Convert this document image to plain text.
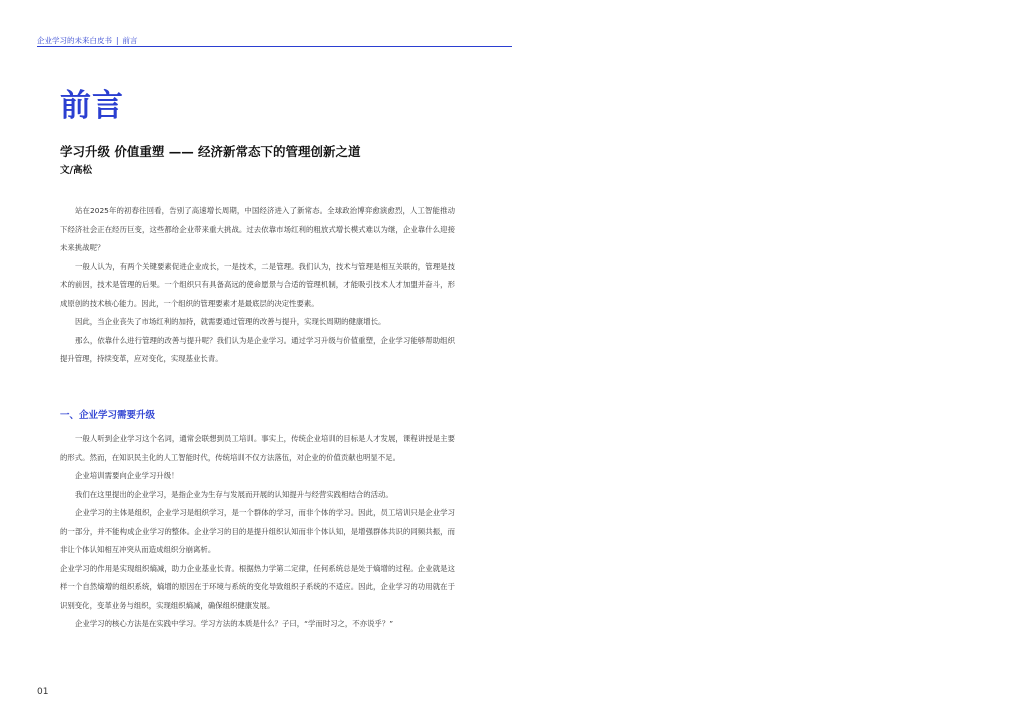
企业学习的未来白皮书 | 前言
前言
学习升级 价值重塑 —— 经济新常态下的管理创新之道
文/高松

站在2025年的初春往回看，告别了高速增长周期，中国经济进入了新常态。全球政治博弈愈演愈烈，人工智能推动下经济社会正在经历巨变，这些都给企业带来重大挑战。过去依靠市场红利的粗放式增长模式难以为继，企业靠什么迎接未来挑战呢？

一般人认为，有两个关键要素促进企业成长，一是技术，二是管理。我们认为，技术与管理是相互关联的，管理是技术的前因，技术是管理的后果。一个组织只有具备高远的使命愿景与合适的管理机制，才能吸引技术人才加盟并奋斗，形成原创的技术核心能力。因此，一个组织的管理要素才是最底层的决定性要素。

因此，当企业丧失了市场红利的加持，就需要通过管理的改善与提升，实现长周期的健康增长。

那么，依靠什么进行管理的改善与提升呢？我们认为是企业学习。通过学习升级与价值重塑，企业学习能够帮助组织提升管理，持续变革，应对变化，实现基业长青。

一、企业学习需要升级

一般人听到企业学习这个名词，通常会联想到员工培训。事实上，传统企业培训的目标是人才发展，课程讲授是主要的形式。然而，在知识民主化的人工智能时代，传统培训不仅方法落伍，对企业的价值贡献也明显不足。

企业培训需要向企业学习升级！

我们在这里提出的企业学习，是指企业为生存与发展而开展的认知提升与经营实践相结合的活动。

企业学习的主体是组织，企业学习是组织学习，是一个群体的学习，而非个体的学习。因此，员工培训只是企业学习的一部分，并不能构成企业学习的整体。企业学习的目的是提升组织认知而非个体认知，是增强群体共识的同频共振，而非让个体认知相互冲突从而造成组织分崩离析。

企业学习的作用是实现组织熵减，助力企业基业长青。根据热力学第二定律，任何系统总是处于熵增的过程。企业就是这样一个自然熵增的组织系统，熵增的原因在于环境与系统的变化导致组织子系统的不适应。因此，企业学习的功用就在于识别变化，变革业务与组织，实现组织熵减，确保组织健康发展。

企业学习的核心方法是在实践中学习。学习方法的本质是什么？子曰，“学而时习之，不亦说乎？”

01
